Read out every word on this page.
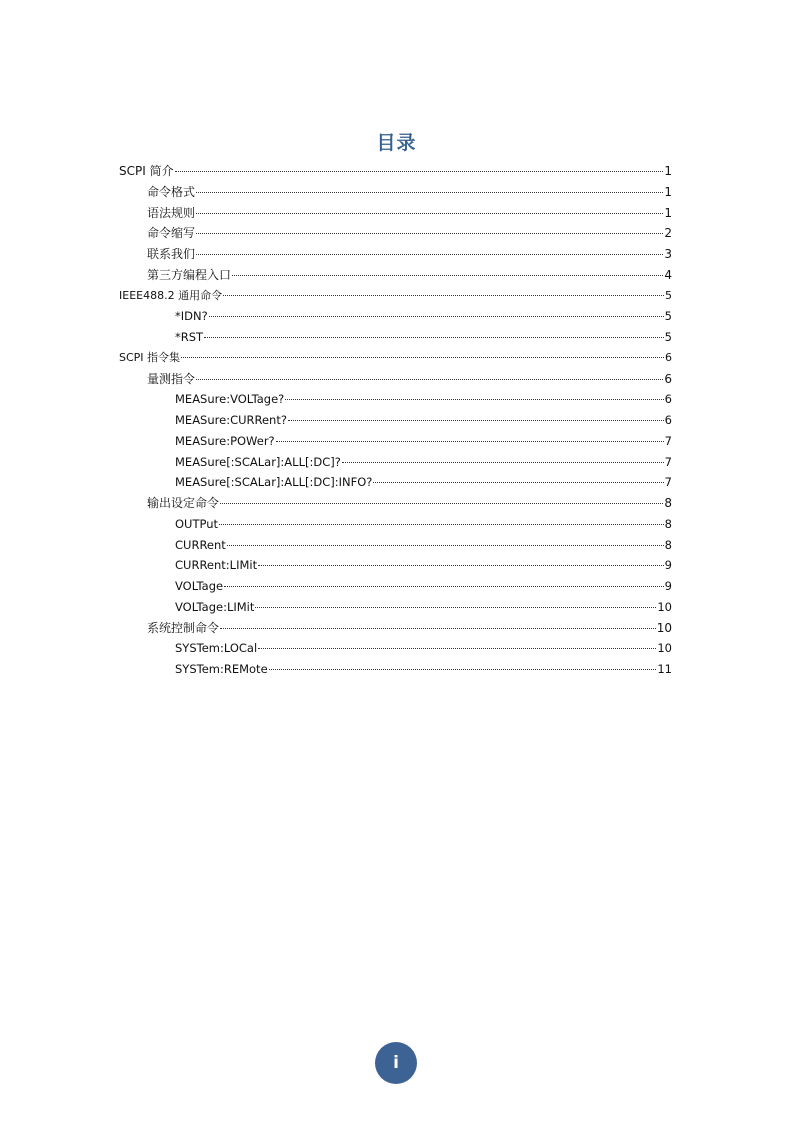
目录
SCPI 简介	1
命令格式	1
语法规则	1
命令缩写	2
联系我们	3
第三方编程入口	4
IEEE488.2 通用命令	5
*IDN?	5
*RST	5
SCPI 指令集	6
量测指令	6
MEASure:VOLTage?	6
MEASure:CURRent?	6
MEASure:POWer?	7
MEASure[:SCALar]:ALL[:DC]?	7
MEASure[:SCALar]:ALL[:DC]:INFO?	7
输出设定命令	8
OUTPut	8
CURRent	8
CURRent:LIMit	9
VOLTage	9
VOLTage:LIMit	10
系统控制命令	10
SYSTem:LOCal	10
SYSTem:REMote	11
i
